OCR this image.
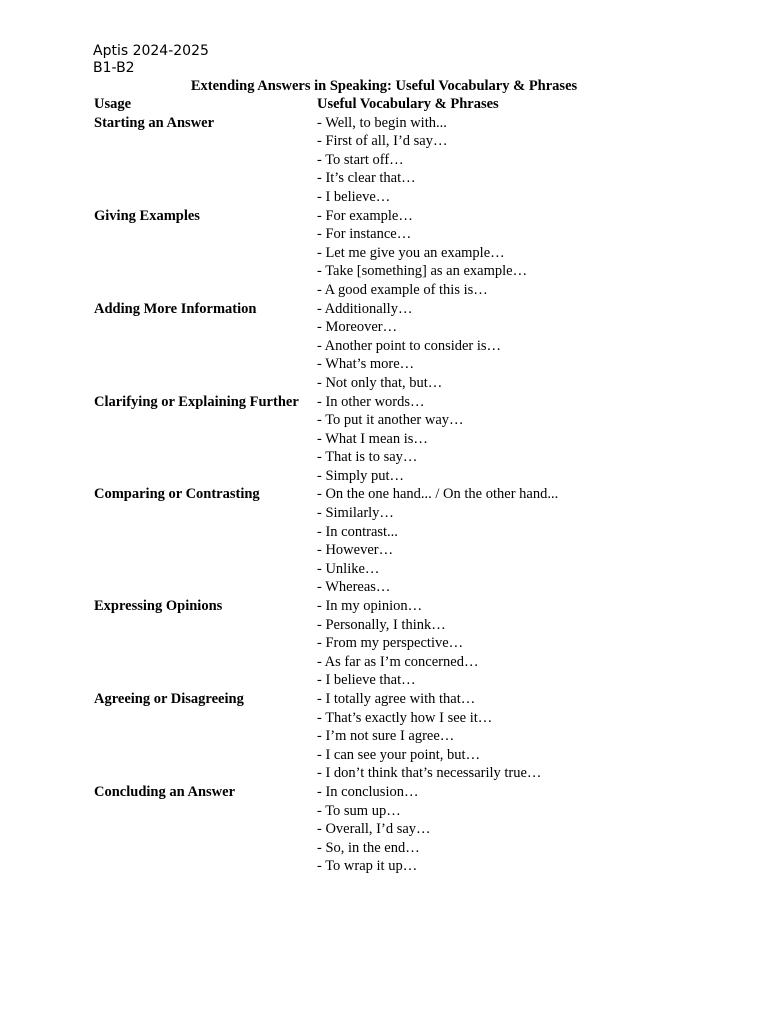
Aptis 2024-2025
B1-B2
Extending Answers in Speaking: Useful Vocabulary & Phrases
Usage	Useful Vocabulary & Phrases
Starting an Answer	- Well, to begin with...
- First of all, I’d say…
- To start off…
- It’s clear that…
- I believe…
Giving Examples	- For example…
- For instance…
- Let me give you an example…
- Take [something] as an example…
- A good example of this is…
Adding More Information	- Additionally…
- Moreover…
- Another point to consider is…
- What’s more…
- Not only that, but…
Clarifying or Explaining Further	- In other words…
- To put it another way…
- What I mean is…
- That is to say…
- Simply put…
Comparing or Contrasting	- On the one hand... / On the other hand...
- Similarly…
- In contrast...
- However…
- Unlike…
- Whereas…
Expressing Opinions	- In my opinion…
- Personally, I think…
- From my perspective…
- As far as I’m concerned…
- I believe that…
Agreeing or Disagreeing	- I totally agree with that…
- That’s exactly how I see it…
- I’m not sure I agree…
- I can see your point, but…
- I don’t think that’s necessarily true…
Concluding an Answer	- In conclusion…
- To sum up…
- Overall, I’d say…
- So, in the end…
- To wrap it up…
